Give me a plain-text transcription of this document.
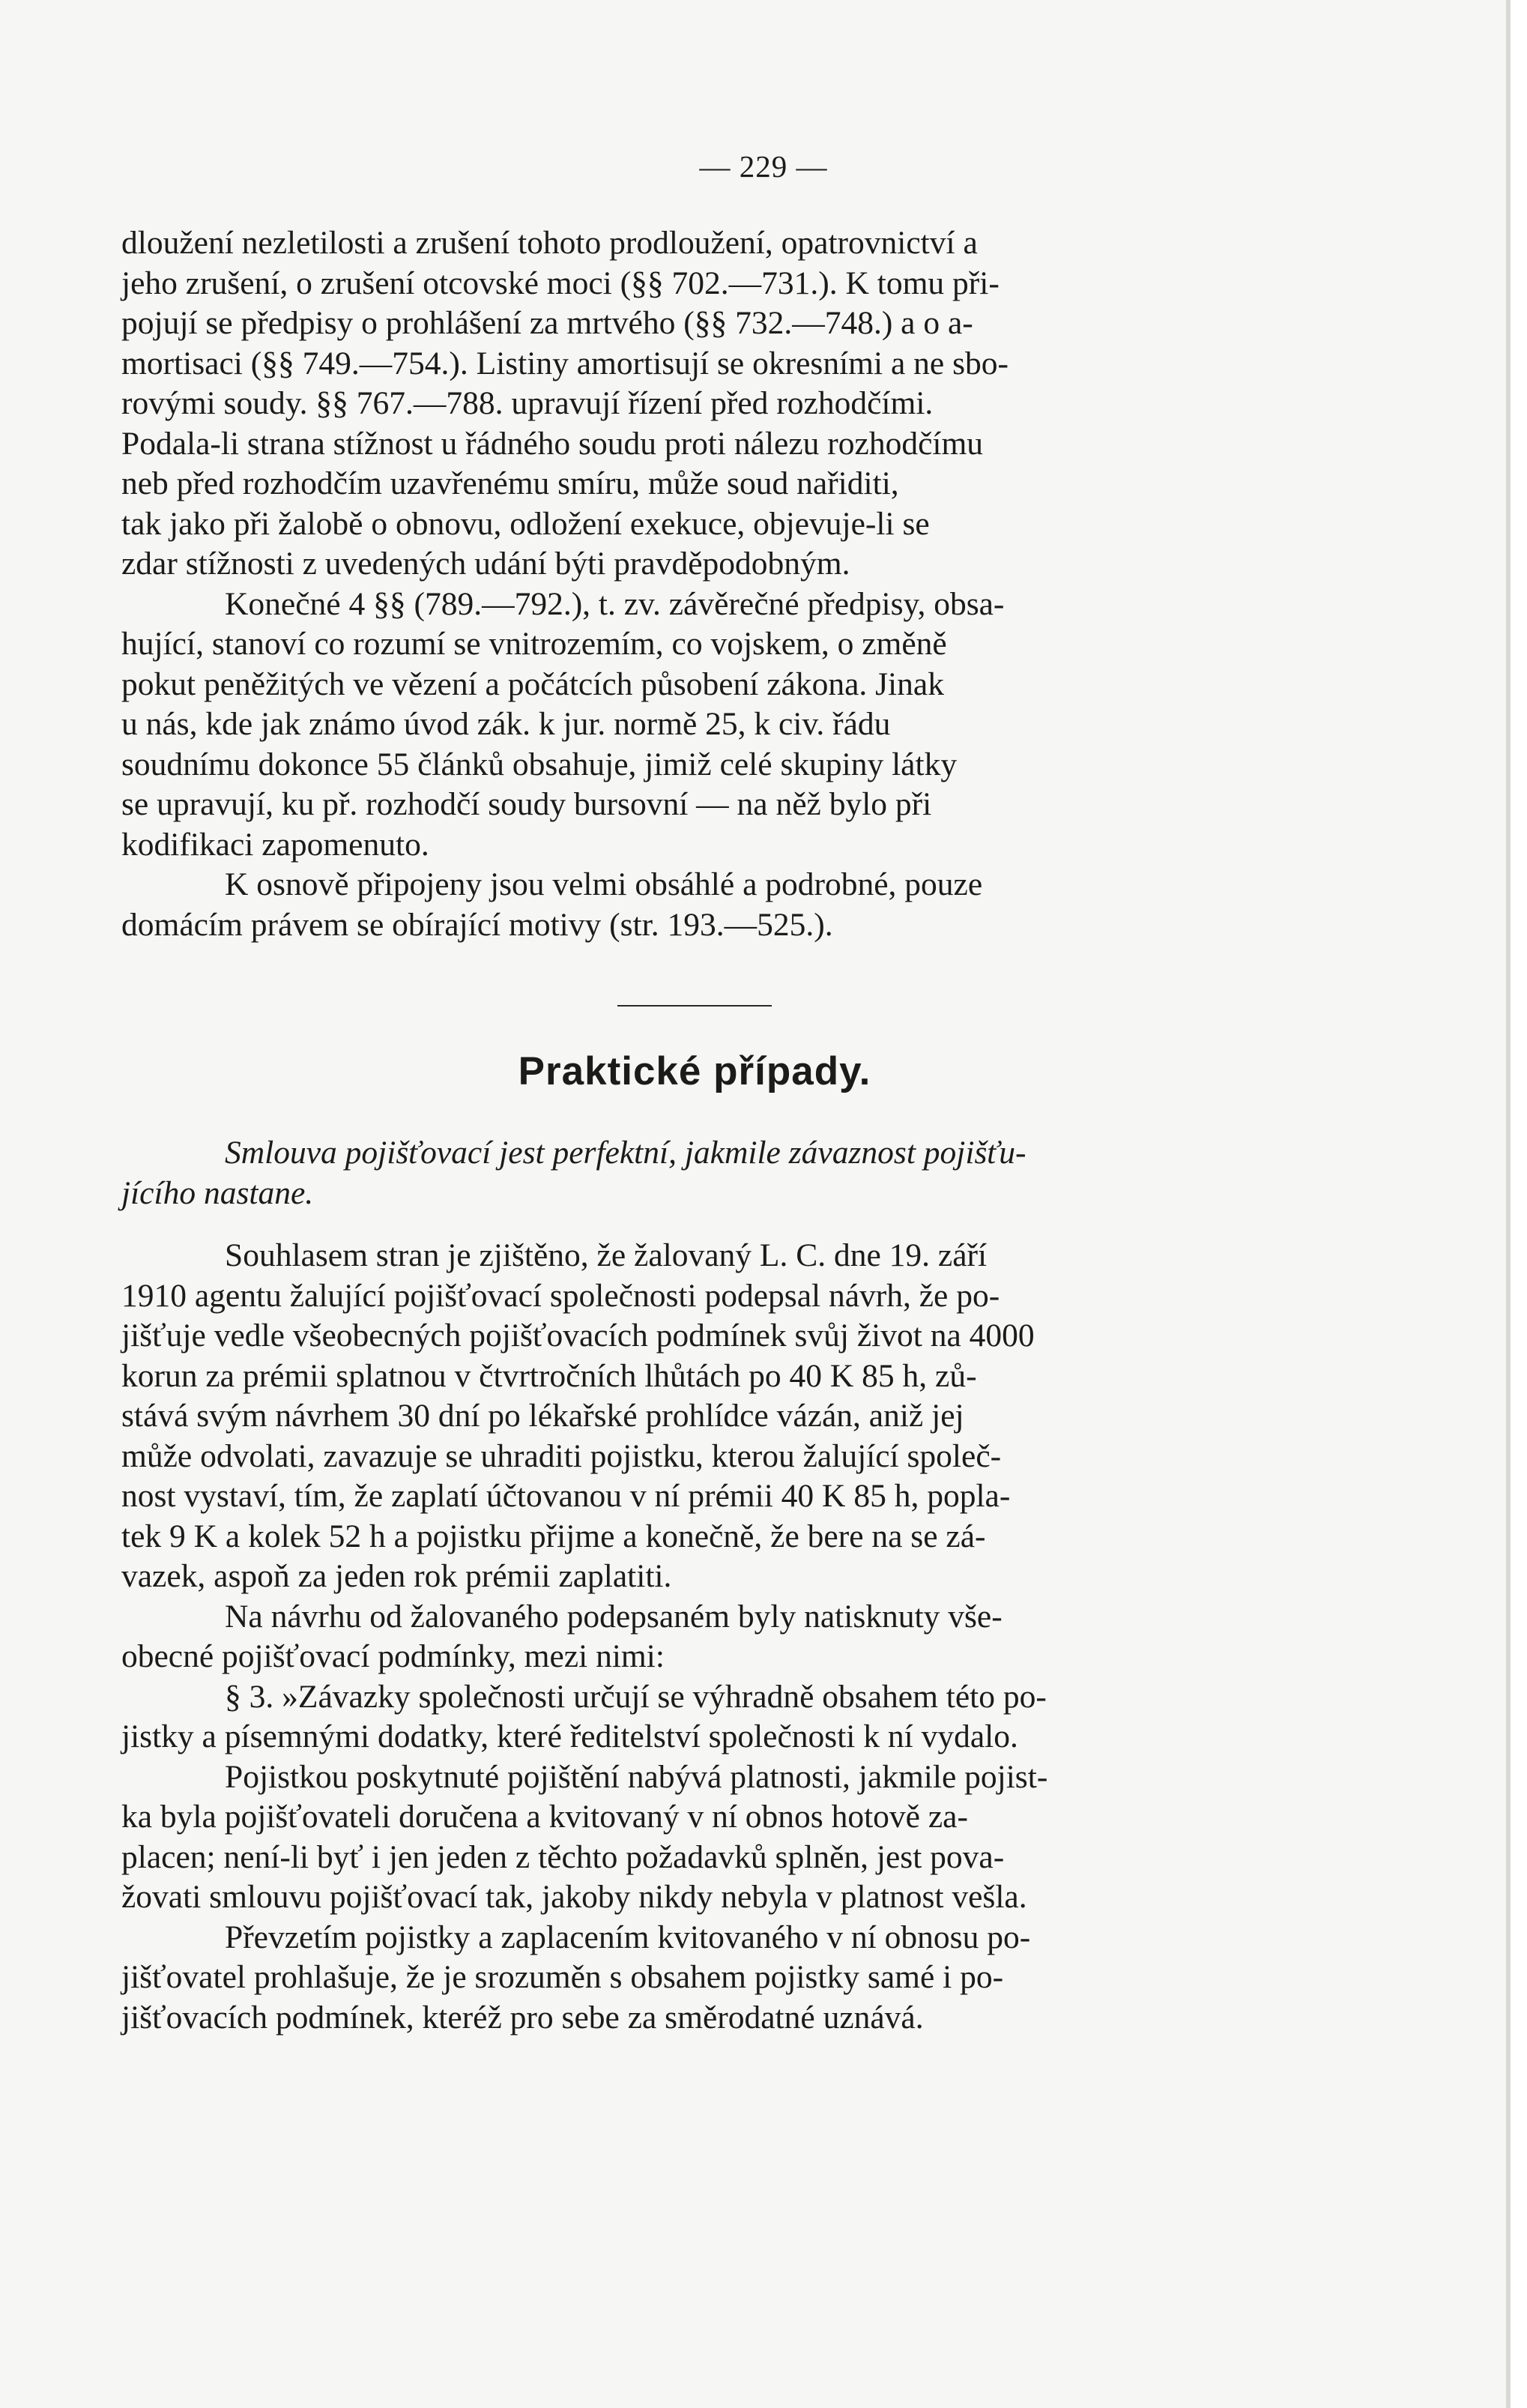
— 229 —

dloužení nezletilosti a zrušení tohoto prodloužení, opatrovnictví a
jeho zrušení, o zrušení otcovské moci (§§ 702.—731.). K tomu při-
pojují se předpisy o prohlášení za mrtvého (§§ 732.—748.) a o a-
mortisaci (§§ 749.—754.). Listiny amortisují se okresními a ne sbo-
rovými soudy. §§ 767.—788. upravují řízení před rozhodčími.
Podala-li strana stížnost u řádného soudu proti nálezu rozhodčímu
neb před rozhodčím uzavřenému smíru, může soud nařiditi,
tak jako při žalobě o obnovu, odložení exekuce, objevuje-li se
zdar stížnosti z uvedených udání býti pravděpodobným.

Konečné 4 §§ (789.—792.), t. zv. závěrečné předpisy, obsa-
hující, stanoví co rozumí se vnitrozemím, co vojskem, o změně
pokut peněžitých ve vězení a počátcích působení zákona. Jinak
u nás, kde jak známo úvod zák. k jur. normě 25, k civ. řádu
soudnímu dokonce 55 článků obsahuje, jimiž celé skupiny látky
se upravují, ku př. rozhodčí soudy bursovní — na něž bylo při
kodifikaci zapomenuto.

K osnově připojeny jsou velmi obsáhlé a podrobné, pouze
domácím právem se obírající motivy (str. 193.—525.).

Praktické případy.

Smlouva pojišťovací jest perfektní, jakmile závaznost pojišťu-
jícího nastane.

Souhlasem stran je zjištěno, že žalovaný L. C. dne 19. září
1910 agentu žalující pojišťovací společnosti podepsal návrh, že po-
jišťuje vedle všeobecných pojišťovacích podmínek svůj život na 4000
korun za prémii splatnou v čtvrtročních lhůtách po 40 K 85 h, zů-
stává svým návrhem 30 dní po lékařské prohlídce vázán, aniž jej
může odvolati, zavazuje se uhraditi pojistku, kterou žalující společ-
nost vystaví, tím, že zaplatí účtovanou v ní prémii 40 K 85 h, popla-
tek 9 K a kolek 52 h a pojistku přijme a konečně, že bere na se zá-
vazek, aspoň za jeden rok prémii zaplatiti.

Na návrhu od žalovaného podepsaném byly natisknuty vše-
obecné pojišťovací podmínky, mezi nimi:

§ 3. »Závazky společnosti určují se výhradně obsahem této po-
jistky a písemnými dodatky, které ředitelství společnosti k ní vydalo.

Pojistkou poskytnuté pojištění nabývá platnosti, jakmile pojist-
ka byla pojišťovateli doručena a kvitovaný v ní obnos hotově za-
placen; není-li byť i jen jeden z těchto požadavků splněn, jest pova-
žovati smlouvu pojišťovací tak, jakoby nikdy nebyla v platnost vešla.

Převzetím pojistky a zaplacením kvitovaného v ní obnosu po-
jišťovatel prohlašuje, že je srozuměn s obsahem pojistky samé i po-
jišťovacích podmínek, kteréž pro sebe za směrodatné uznává.
